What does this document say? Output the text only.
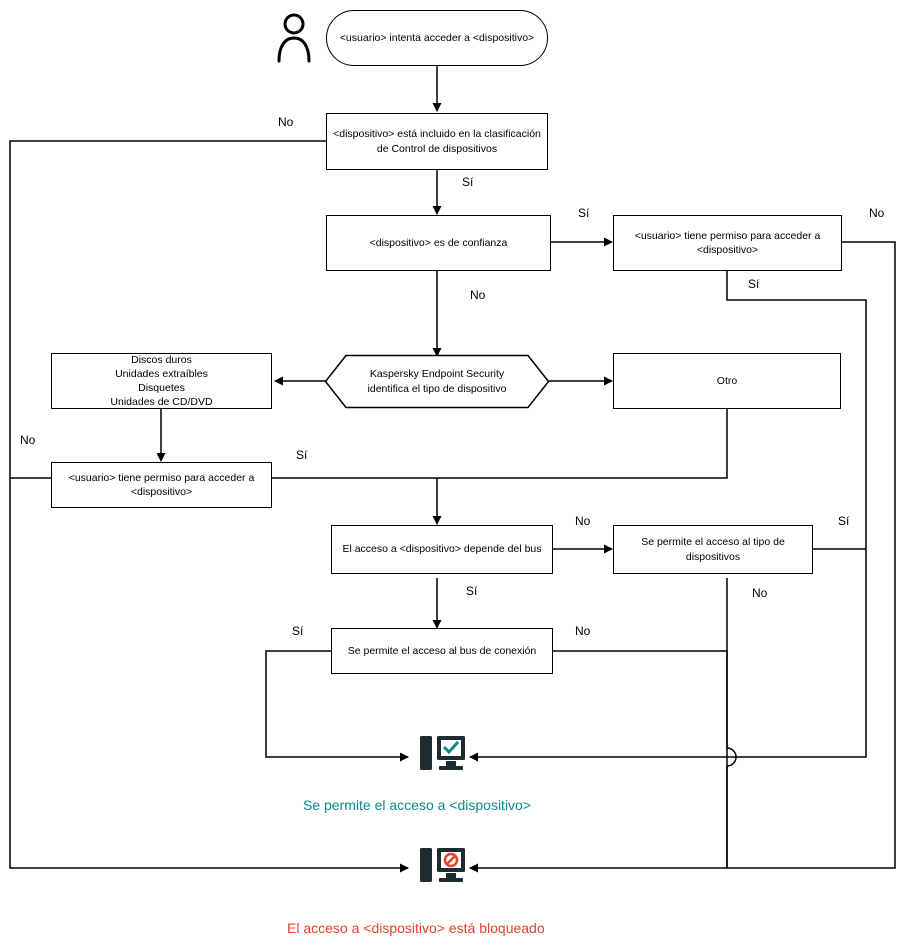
<usuario> intenta acceder a <dispositivo>
<dispositivo> está incluido en la clasificación de Control de dispositivos
<dispositivo> es de confianza
<usuario> tiene permiso para acceder a <dispositivo>
Kaspersky Endpoint Security identifica el tipo de dispositivo
Discos duros
Unidades extraíbles
Disquetes
Unidades de CD/DVD
Otro
<usuario> tiene permiso para acceder a <dispositivo>
El acceso a <dispositivo> depende del bus
Se permite el acceso al tipo de dispositivos
Se permite el acceso al bus de conexión
No
Sí
Sí
No
No
Sí
No
Sí
No
Sí
Sí
No
Sí	No
Se permite el acceso a <dispositivo>
El acceso a <dispositivo> está bloqueado
